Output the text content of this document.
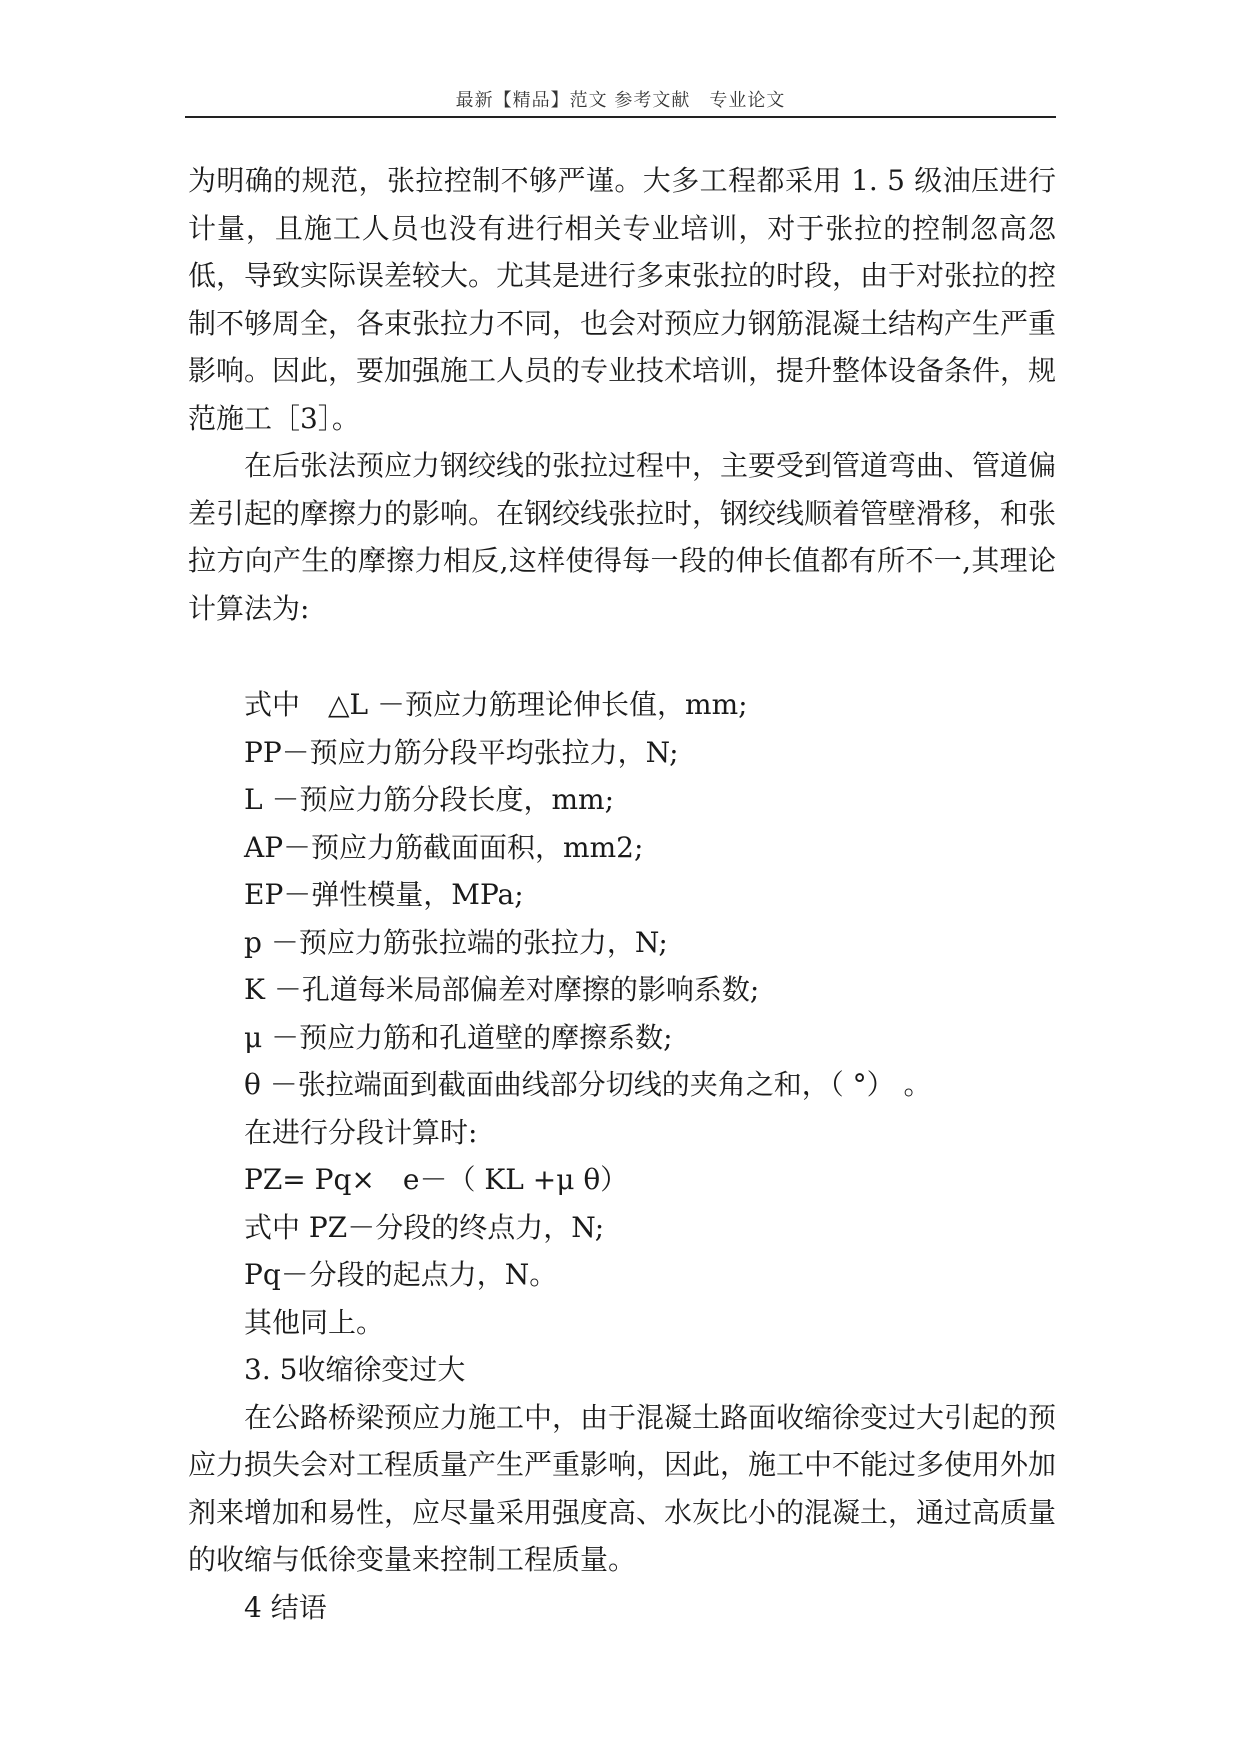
最新【精品】范文 参考文献　专业论文

为明确的规范，张拉控制不够严谨。大多工程都采用 1. 5 级油压进行计量，且施工人员也没有进行相关专业培训，对于张拉的控制忽高忽低，导致实际误差较大。尤其是进行多束张拉的时段，由于对张拉的控制不够周全，各束张拉力不同，也会对预应力钢筋混凝土结构产生严重影响。因此，要加强施工人员的专业技术培训，提升整体设备条件，规范施工［3］。

在后张法预应力钢绞线的张拉过程中，主要受到管道弯曲、管道偏差引起的摩擦力的影响。在钢绞线张拉时，钢绞线顺着管壁滑移，和张拉方向产生的摩擦力相反,这样使得每一段的伸长值都有所不一,其理论计算法为:

式中　△L －预应力筋理论伸长值，mm;

PP－预应力筋分段平均张拉力，N;

L －预应力筋分段长度，mm;

AP－预应力筋截面面积，mm2;

EP－弹性模量，MPa;

p －预应力筋张拉端的张拉力，N;

K －孔道每米局部偏差对摩擦的影响系数;

μ －预应力筋和孔道壁的摩擦系数;

θ －张拉端面到截面曲线部分切线的夹角之和，（ °） 。

在进行分段计算时:

PZ= Pq×　e－（ KL +μ θ）

式中 PZ－分段的终点力，N;

Pq－分段的起点力，N。

其他同上。

3. 5收缩徐变过大

在公路桥梁预应力施工中，由于混凝土路面收缩徐变过大引起的预应力损失会对工程质量产生严重影响，因此，施工中不能过多使用外加剂来增加和易性，应尽量采用强度高、水灰比小的混凝土，通过高质量的收缩与低徐变量来控制工程质量。

4 结语
